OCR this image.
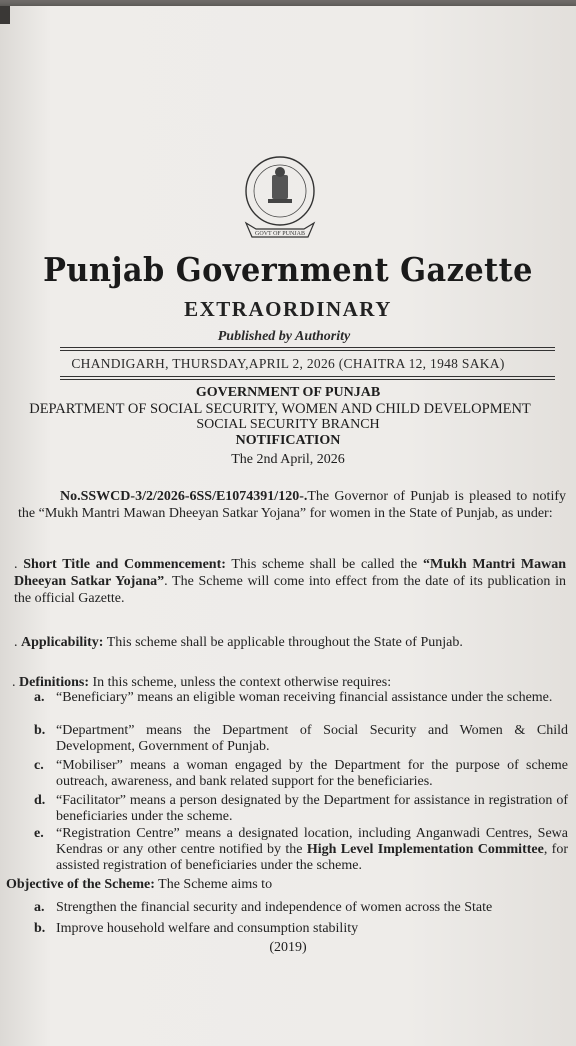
GOVT OF PUNJAB
Punjab Government Gazette
EXTRAORDINARY
Published by Authority
CHANDIGARH, THURSDAY,APRIL 2, 2026 (CHAITRA 12, 1948 SAKA)
GOVERNMENT OF PUNJAB
DEPARTMENT OF SOCIAL SECURITY, WOMEN AND CHILD DEVELOPMENT
SOCIAL SECURITY BRANCH
NOTIFICATION
The 2nd April, 2026
No.SSWCD-3/2/2026-6SS/E1074391/120-.The Governor of Punjab is pleased to notify the “Mukh Mantri Mawan Dheeyan Satkar Yojana” for women in the State of Punjab, as under:
. Short Title and Commencement: This scheme shall be called the “Mukh Mantri Mawan Dheeyan Satkar Yojana”. The Scheme will come into effect from the date of its publication in the official Gazette.
. Applicability: This scheme shall be applicable throughout the State of Punjab.
. Definitions: In this scheme, unless the context otherwise requires:
a. “Beneficiary” means an eligible woman receiving financial assistance under the scheme.
b. “Department” means the Department of Social Security and Women & Child Development, Government of Punjab.
c. “Mobiliser” means a woman engaged by the Department for the purpose of scheme outreach, awareness, and bank related support for the beneficiaries.
d. “Facilitator” means a person designated by the Department for assistance in registration of beneficiaries under the scheme.
e. “Registration Centre” means a designated location, including Anganwadi Centres, Sewa Kendras or any other centre notified by the High Level Implementation Committee, for assisted registration of beneficiaries under the scheme.
Objective of the Scheme: The Scheme aims to
a. Strengthen the financial security and independence of women across the State
b. Improve household welfare and consumption stability
(2019)
